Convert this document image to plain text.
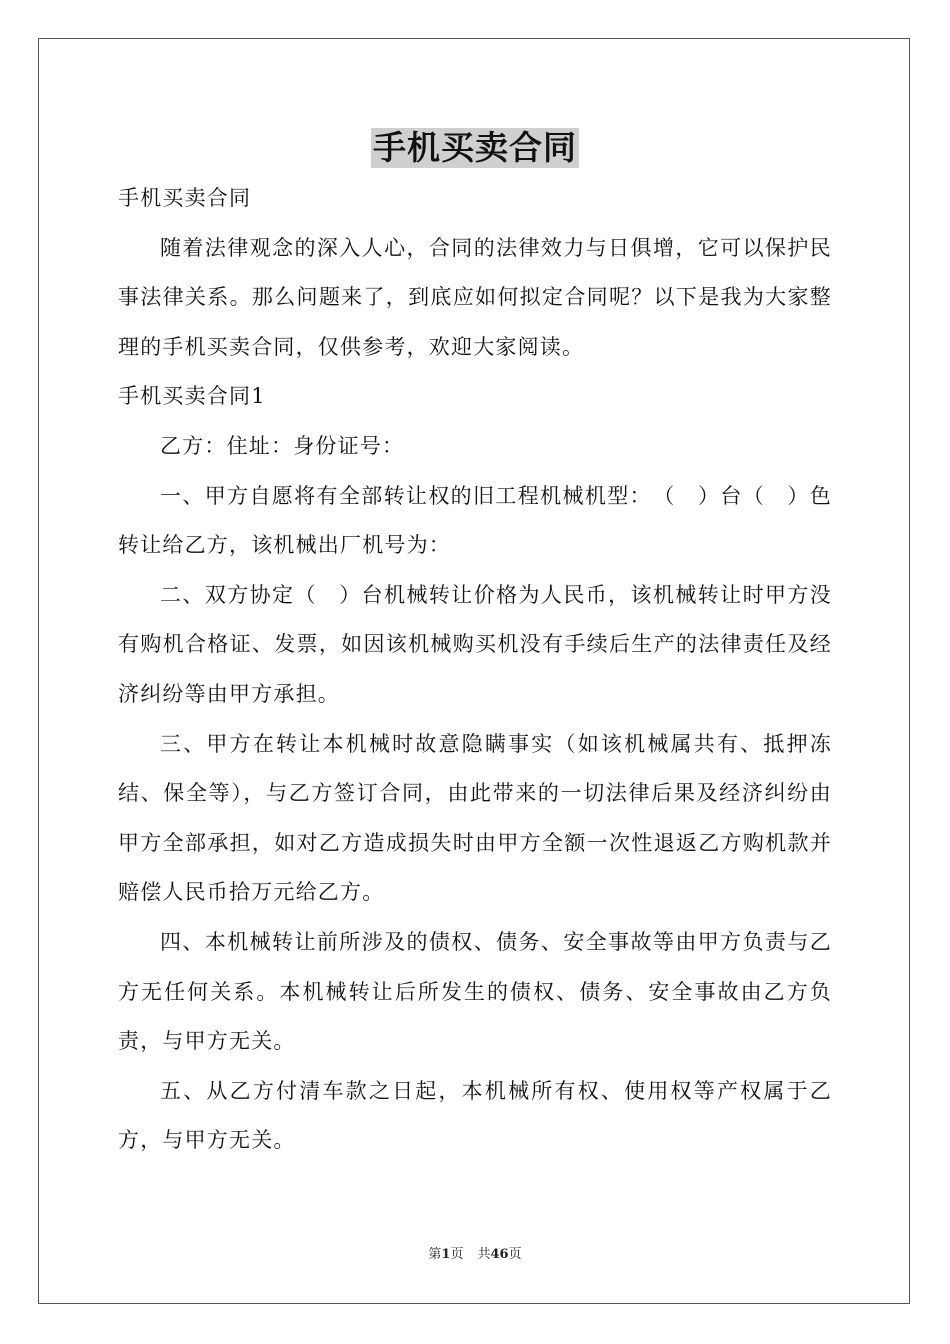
手机买卖合同

手机买卖合同

随着法律观念的深入人心，合同的法律效力与日俱增，它可以保护民事法律关系。那么问题来了，到底应如何拟定合同呢？以下是我为大家整理的手机买卖合同，仅供参考，欢迎大家阅读。

手机买卖合同1

乙方：住址：身份证号：

一、甲方自愿将有全部转让权的旧工程机械机型：　（　）台（　）色转让给乙方，该机械出厂机号为：

二、双方协定（　）台机械转让价格为人民币，该机械转让时甲方没有购机合格证、发票，如因该机械购买机没有手续后生产的法律责任及经济纠纷等由甲方承担。

三、甲方在转让本机械时故意隐瞒事实（如该机械属共有、抵押冻结、保全等），与乙方签订合同，由此带来的一切法律后果及经济纠纷由甲方全部承担，如对乙方造成损失时由甲方全额一次性退返乙方购机款并赔偿人民币拾万元给乙方。

四、本机械转让前所涉及的债权、债务、安全事故等由甲方负责与乙方无任何关系。本机械转让后所发生的债权、债务、安全事故由乙方负责，与甲方无关。

五、从乙方付清车款之日起，本机械所有权、使用权等产权属于乙方，与甲方无关。

第1页 共46页
